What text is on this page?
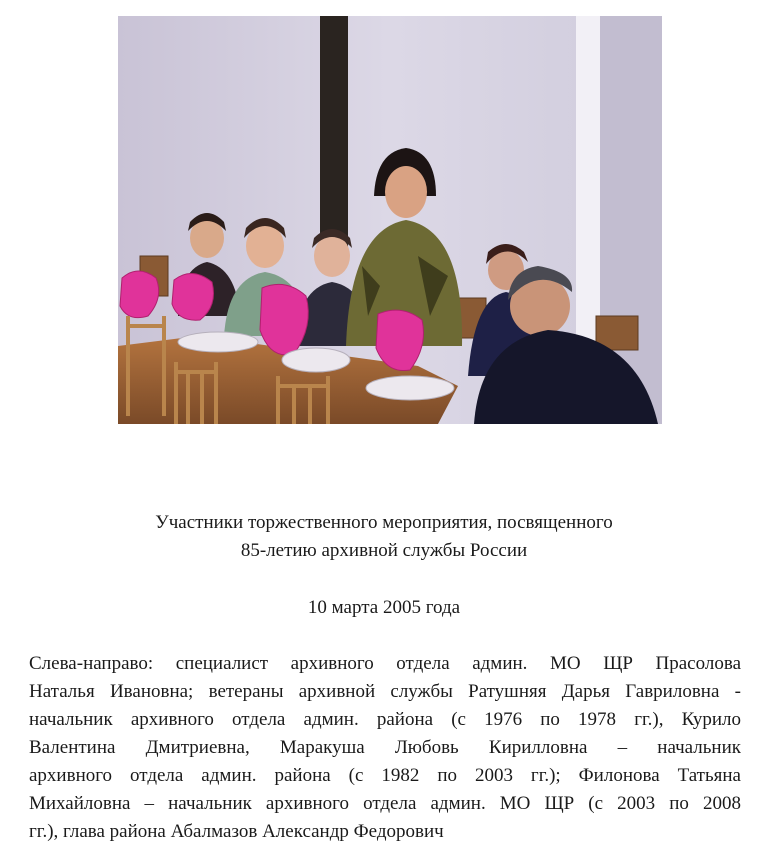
Участники торжественного мероприятия, посвященного
85-летию архивной службы России
10 марта 2005 года
Слева-направо: специалист архивного отдела админ. МО ЩР Прасолова
Наталья Ивановна; ветераны архивной службы Ратушняя Дарья Гавриловна -
начальник архивного отдела админ. района (с 1976 по 1978 гг.), Курило
Валентина Дмитриевна, Маракуша Любовь Кирилловна – начальник
архивного отдела админ. района (с 1982 по 2003 гг.); Филонова Татьяна
Михайловна – начальник архивного отдела админ. МО ЩР (с 2003 по 2008
гг.), глава района Абалмазов Александр Федорович
